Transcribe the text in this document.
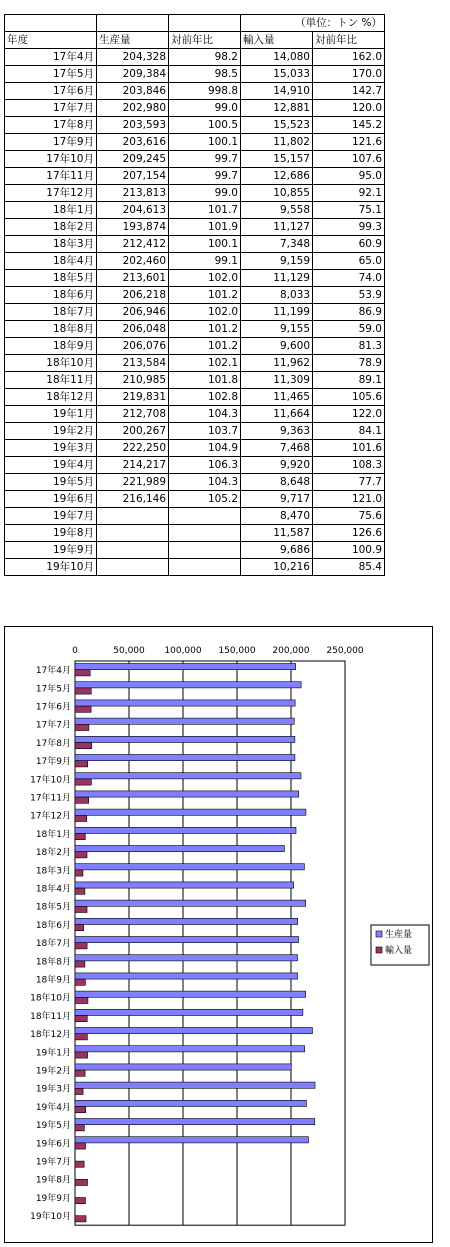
			（単位：トン %）	
年度	生産量	対前年比	輸入量	対前年比
17年4月	204,328	98.2	14,080	162.0
17年5月	209,384	98.5	15,033	170.0
17年6月	203,846	998.8	14,910	142.7
17年7月	202,980	99.0	12,881	120.0
17年8月	203,593	100.5	15,523	145.2
17年9月	203,616	100.1	11,802	121.6
17年10月	209,245	99.7	15,157	107.6
17年11月	207,154	99.7	12,686	95.0
17年12月	213,813	99.0	10,855	92.1
18年1月	204,613	101.7	9,558	75.1
18年2月	193,874	101.9	11,127	99.3
18年3月	212,412	100.1	7,348	60.9
18年4月	202,460	99.1	9,159	65.0
18年5月	213,601	102.0	11,129	74.0
18年6月	206,218	101.2	8,033	53.9
18年7月	206,946	102.0	11,199	86.9
18年8月	206,048	101.2	9,155	59.0
18年9月	206,076	101.2	9,600	81.3
18年10月	213,584	102.1	11,962	78.9
18年11月	210,985	101.8	11,309	89.1
18年12月	219,831	102.8	11,465	105.6
19年1月	212,708	104.3	11,664	122.0
19年2月	200,267	103.7	9,363	84.1
19年3月	222,250	104.9	7,468	101.6
19年4月	214,217	106.3	9,920	108.3
19年5月	221,989	104.3	8,648	77.7
19年6月	216,146	105.2	9,717	121.0
19年7月			8,470	75.6
19年8月			11,587	126.6
19年9月			9,686	100.9
19年10月			10,216	85.4
0	50,000 100,000 150,000 200,000 250,000
17年4月
17年5月
17年6月
17年7月
17年8月
17年9月
17年10月
17年11月
17年12月
18年1月
18年2月
18年3月
18年4月
18年5月
18年6月
18年7月
18年8月
18年9月
18年10月
18年11月
18年12月
19年1月
19年2月
19年3月
19年4月
19年5月
19年6月
19年7月
19年8月
19年9月
19年10月
生産量
輸入量
